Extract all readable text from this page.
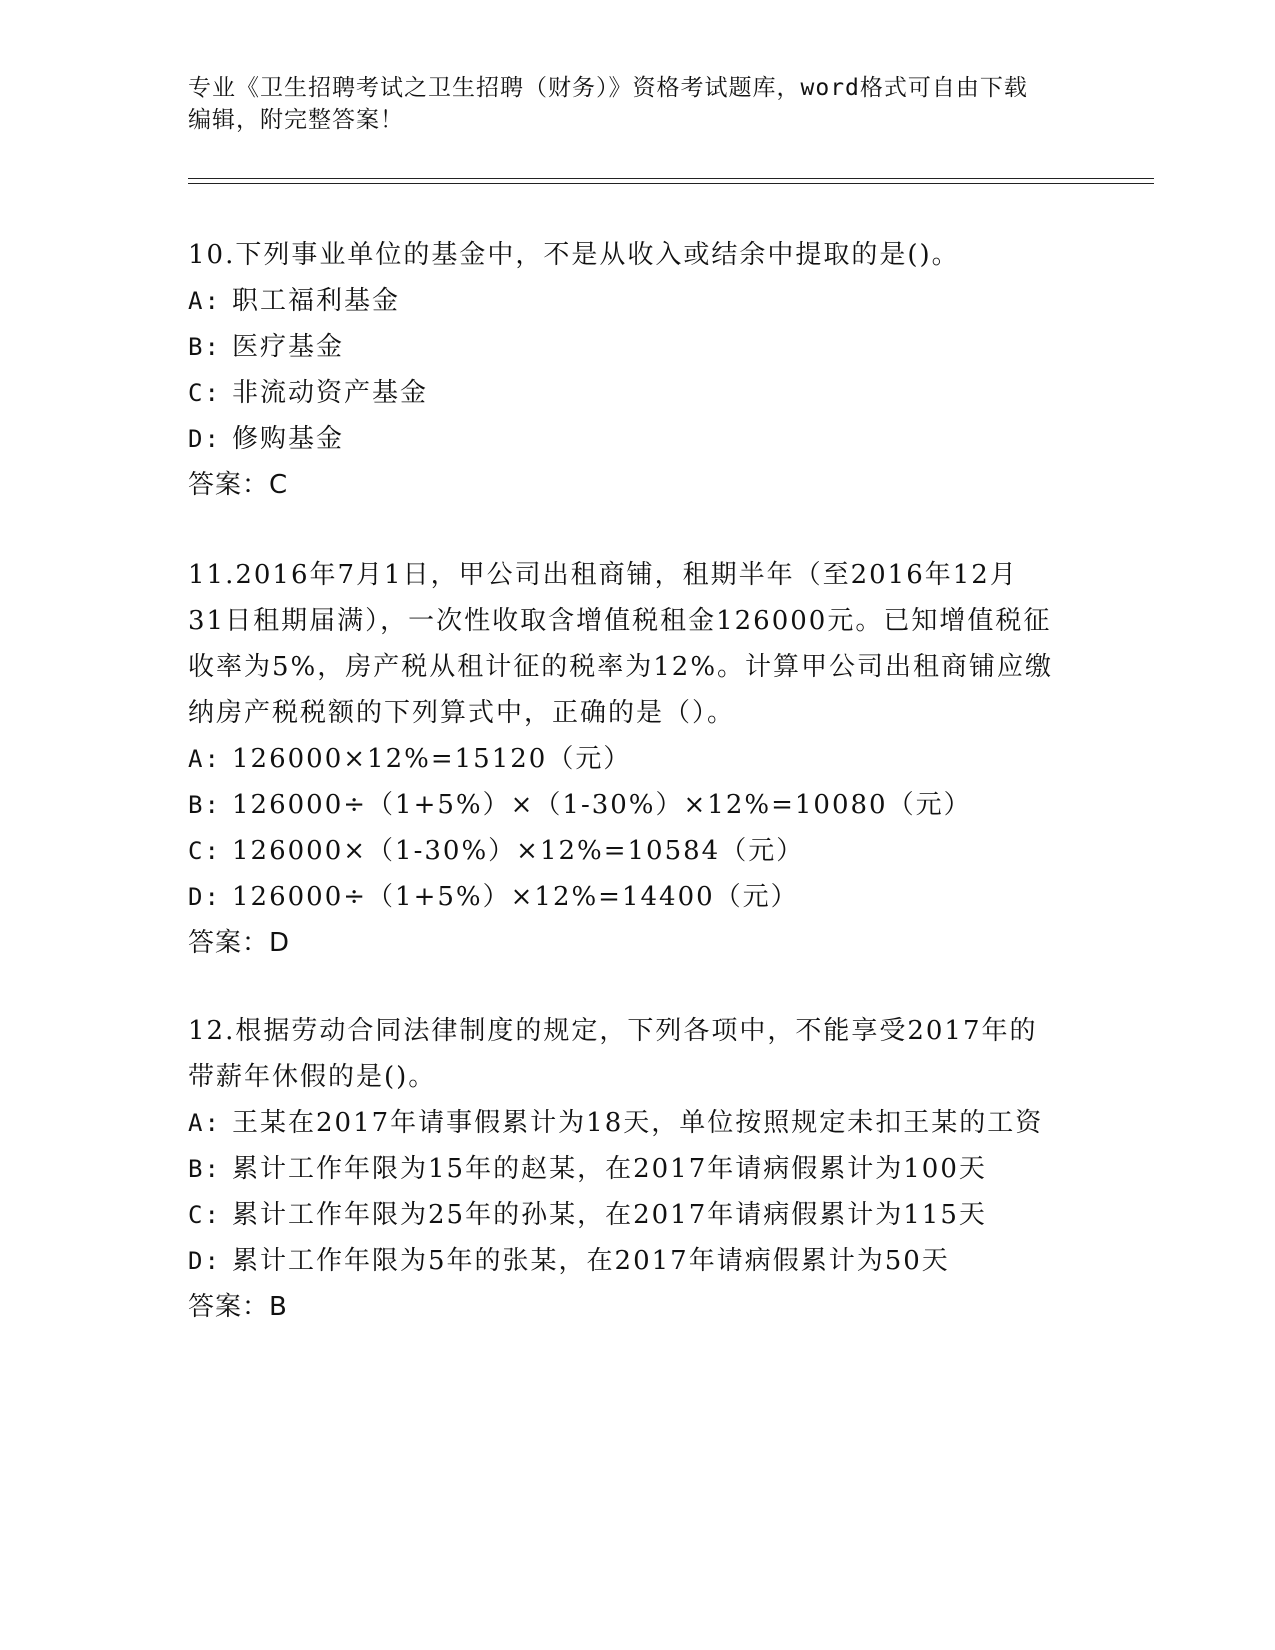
专业《卫生招聘考试之卫生招聘（财务）》资格考试题库，word格式可自由下载
编辑，附完整答案！
10.下列事业单位的基金中，不是从收入或结余中提取的是()。
A: 职工福利基金
B: 医疗基金
C: 非流动资产基金
D: 修购基金
答案：C
11.2016年7月1日，甲公司出租商铺，租期半年（至2016年12月
31日租期届满），一次性收取含增值税租金126000元。已知增值税征
收率为5%，房产税从租计征的税率为12%。计算甲公司出租商铺应缴
纳房产税税额的下列算式中，正确的是（）。
A: 126000×12%=15120（元）
B: 126000÷（1+5%）×（1-30%）×12%=10080（元）
C: 126000×（1-30%）×12%=10584（元）
D: 126000÷（1+5%）×12%=14400（元）
答案：D
12.根据劳动合同法律制度的规定，下列各项中，不能享受2017年的
带薪年休假的是()。
A: 王某在2017年请事假累计为18天，单位按照规定未扣王某的工资
B: 累计工作年限为15年的赵某，在2017年请病假累计为100天
C: 累计工作年限为25年的孙某，在2017年请病假累计为115天
D: 累计工作年限为5年的张某，在2017年请病假累计为50天
答案：B
